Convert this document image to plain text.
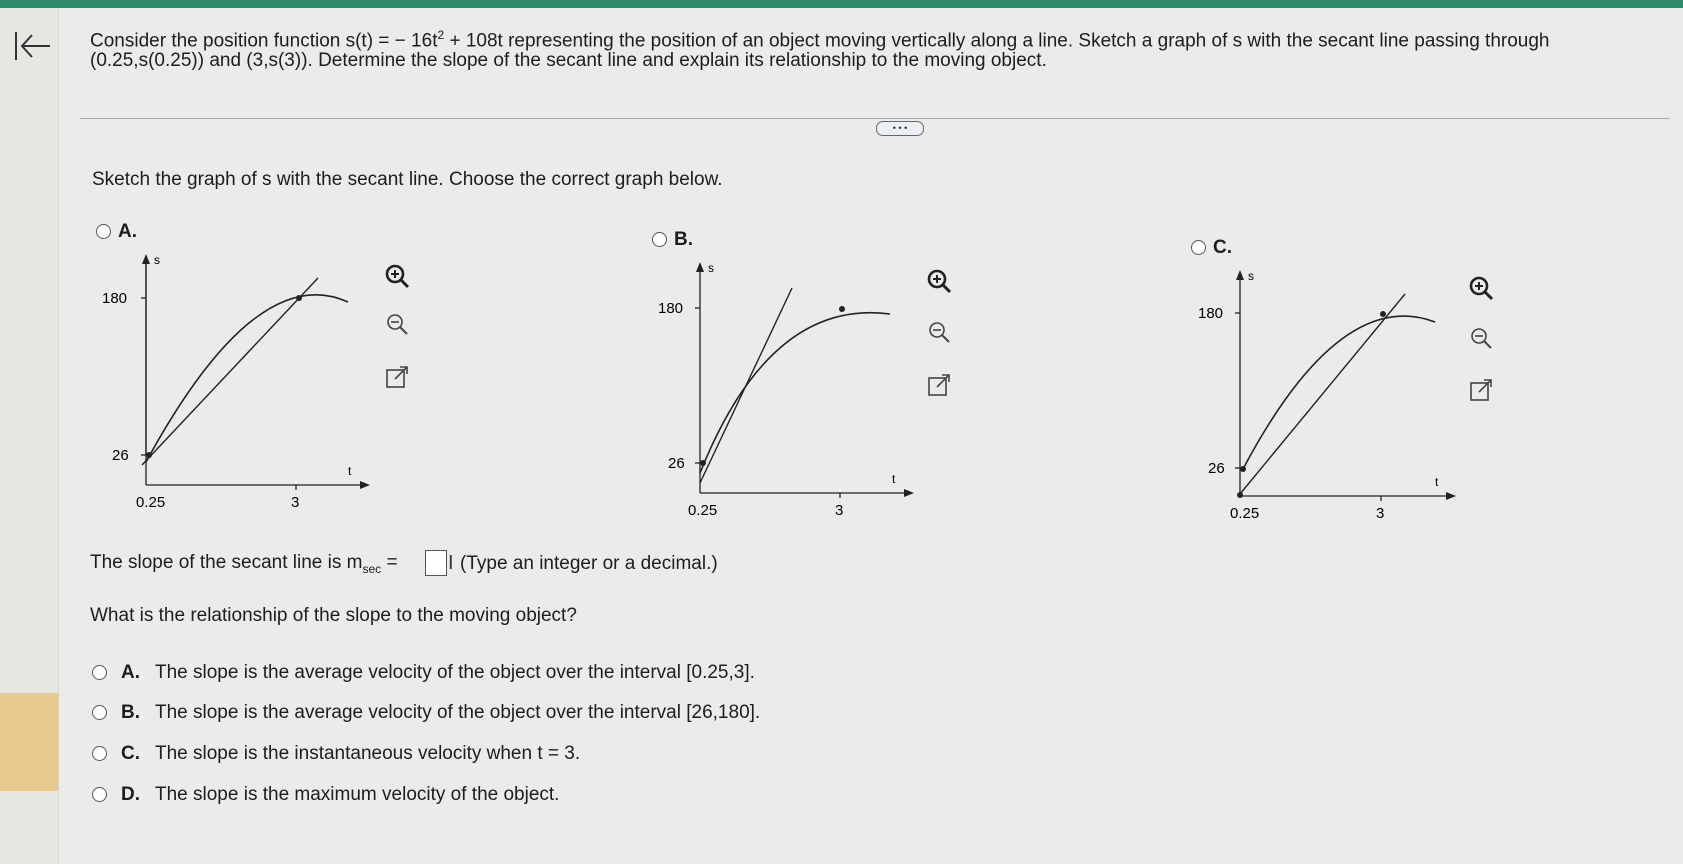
Consider the position function s(t) = − $16t^2 + 108t$ representing the position of an object moving vertically along a line. Sketch a graph of s with the secant line passing through
(0.25,s(0.25)) and (3,s(3)). Determine the slope of the secant line and explain its relationship to the moving object.
• • •
Sketch the graph of s with the secant line. Choose the correct graph below.
A.
s
t
180
26
0.25	3
B.
s
t
180
26
0.25	3
C.
s
t
180
26
0.25	3
The slope of the secant line is $m_{sec}$ =	I (Type an integer or a decimal.)
What is the relationship of the slope to the moving object?
A. The slope is the average velocity of the object over the interval [0.25,3].
B. The slope is the average velocity of the object over the interval [26,180].
C. The slope is the instantaneous velocity when t = 3.
D. The slope is the maximum velocity of the object.
